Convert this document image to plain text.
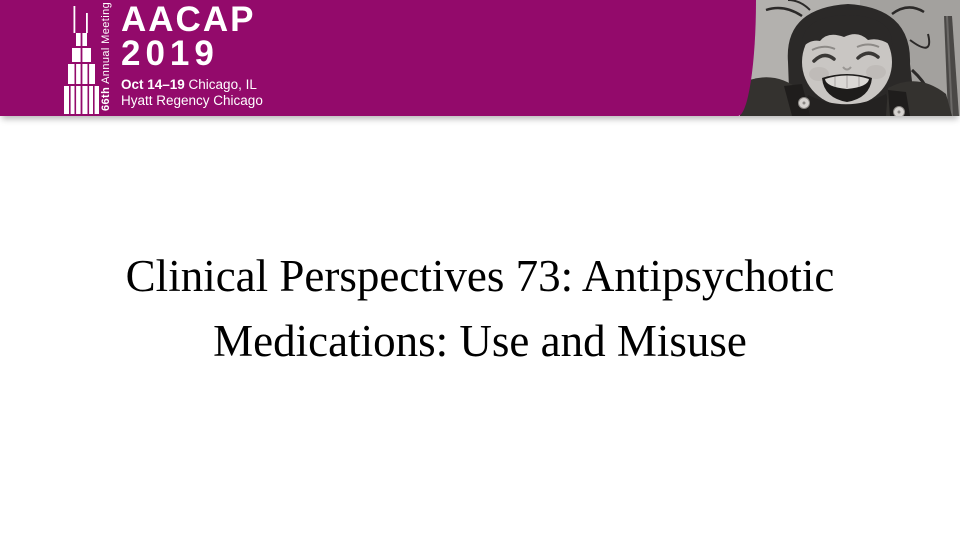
66th Annual Meeting AACAP
2019
Oct 14–19 Chicago, IL
Hyatt Regency Chicago
Clinical Perspectives 73: Antipsychotic
Medications: Use and Misuse
